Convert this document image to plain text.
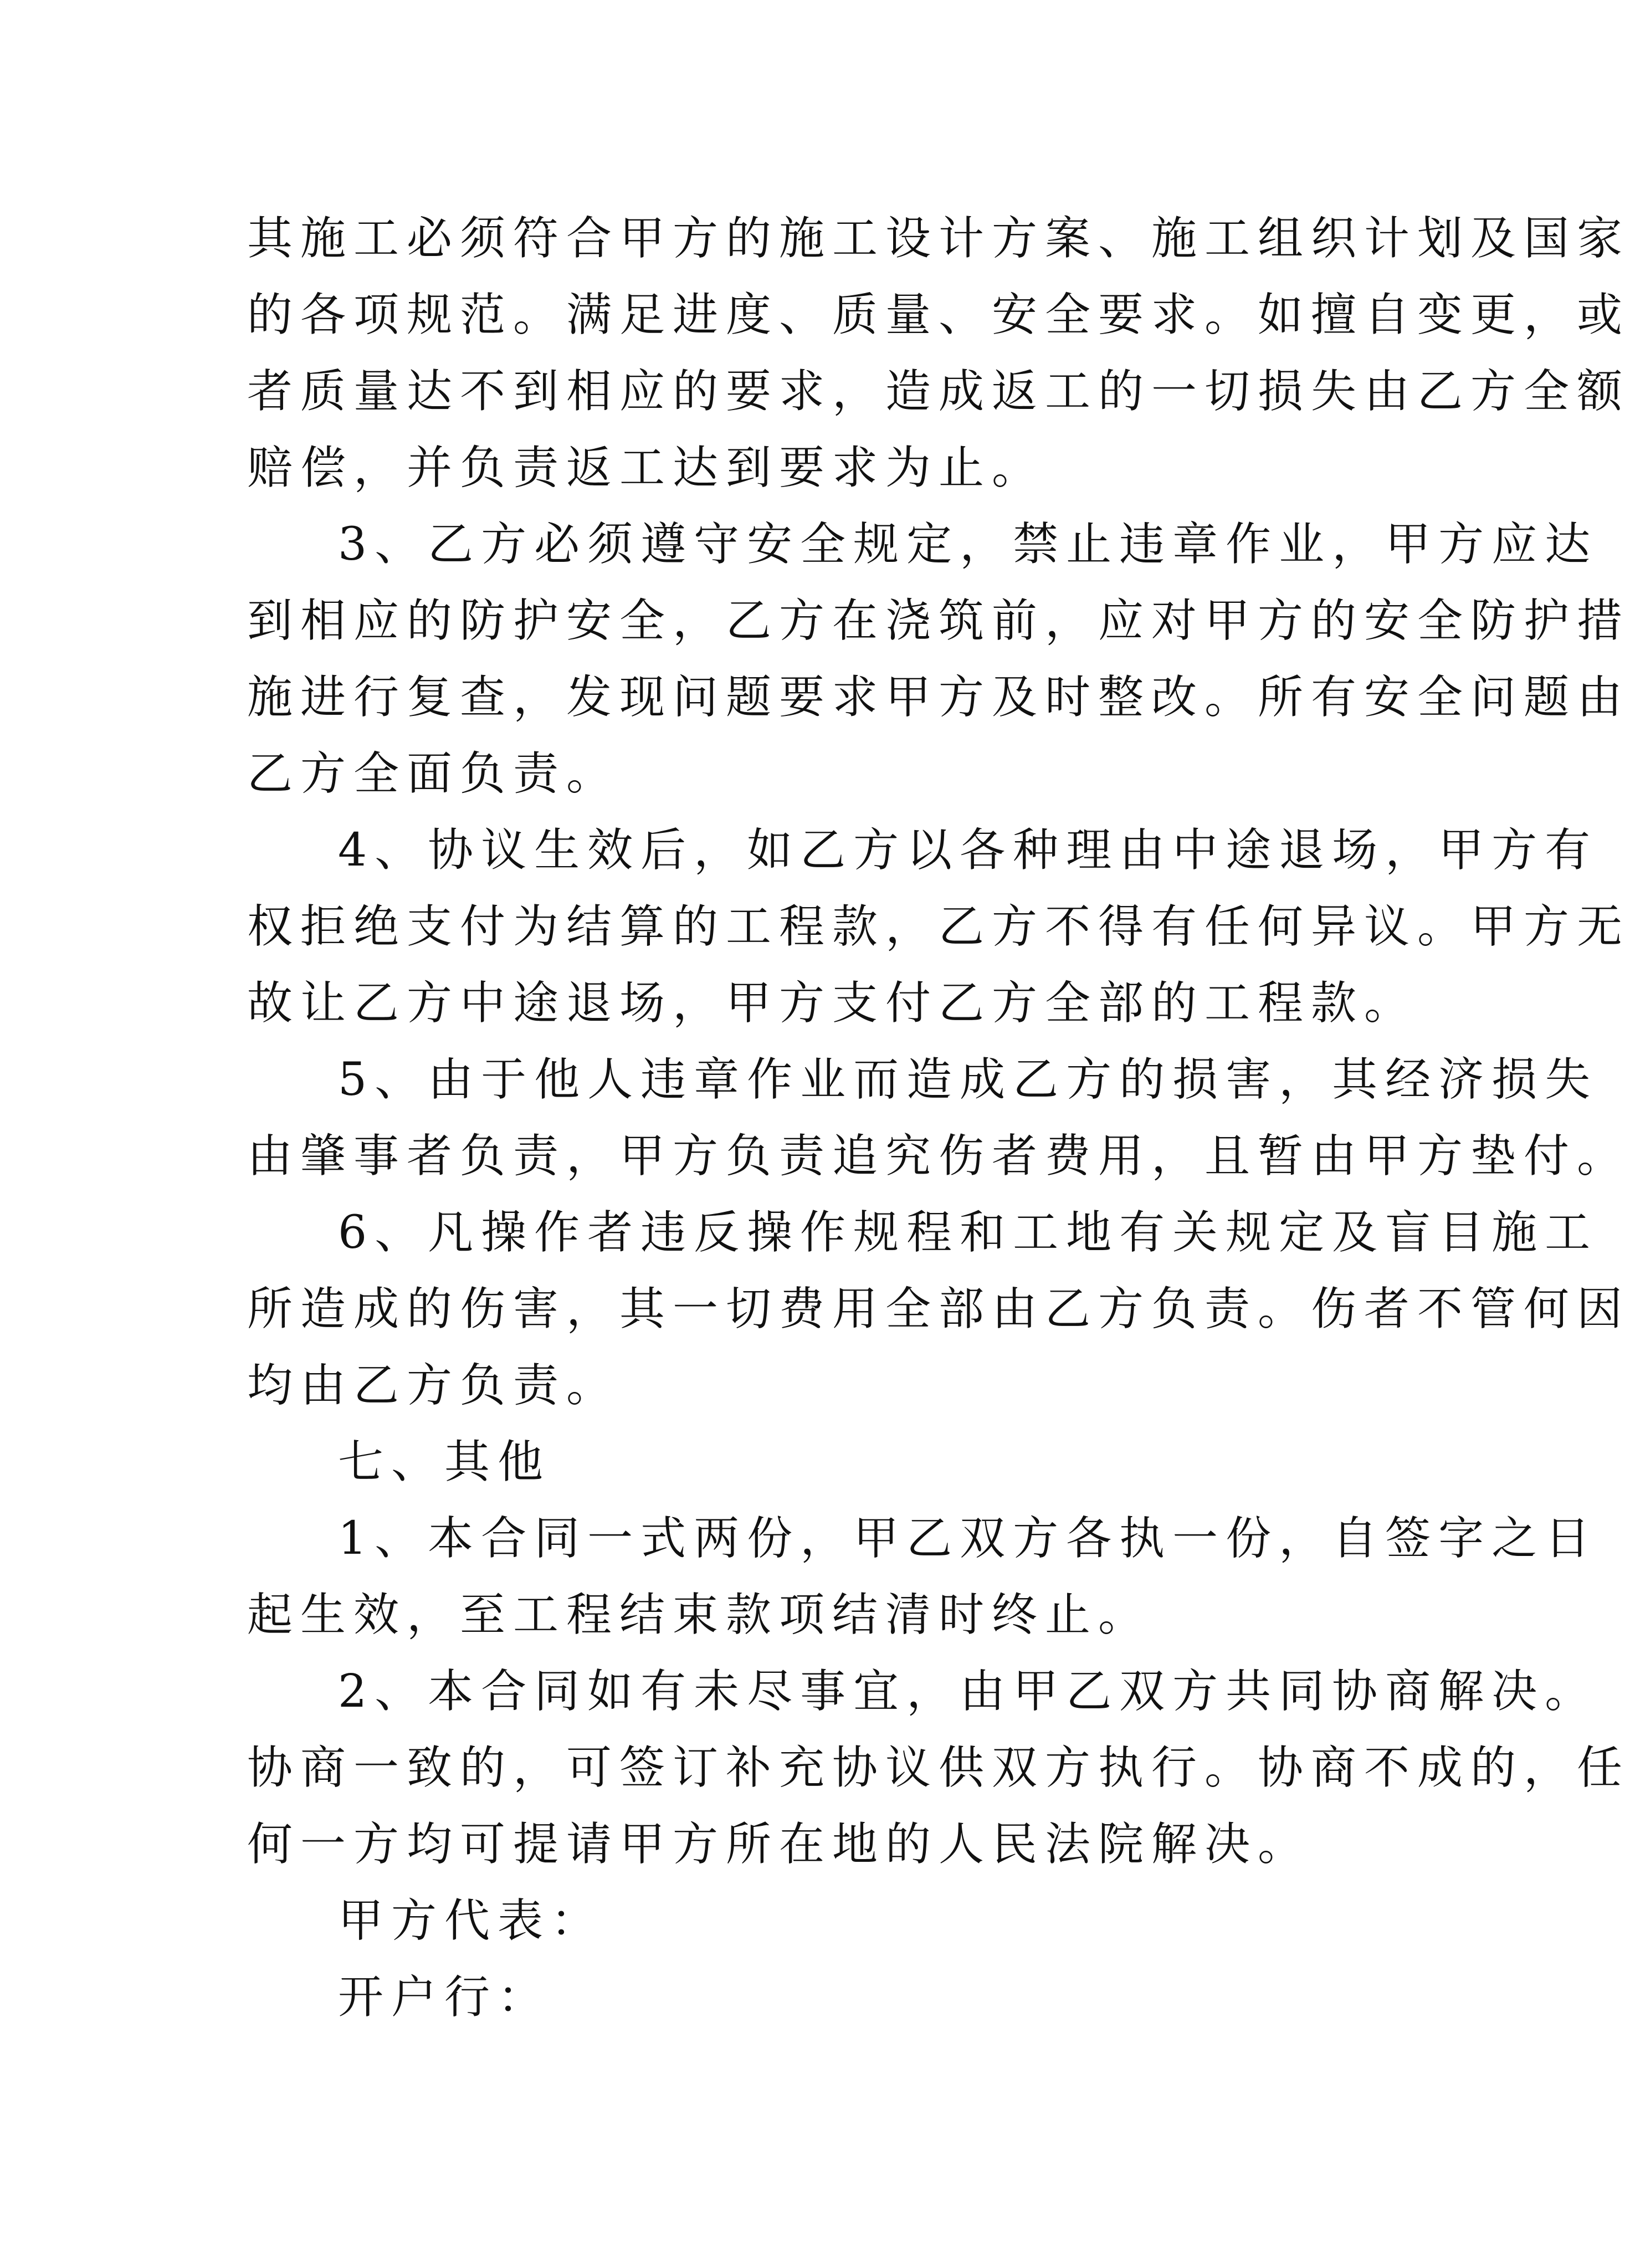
其施工必须符合甲方的施工设计方案、施工组织计划及国家
的各项规范。满足进度、质量、安全要求。如擅自变更，或
者质量达不到相应的要求，造成返工的一切损失由乙方全额
赔偿，并负责返工达到要求为止。
3、乙方必须遵守安全规定，禁止违章作业，甲方应达
到相应的防护安全，乙方在浇筑前，应对甲方的安全防护措
施进行复查，发现问题要求甲方及时整改。所有安全问题由
乙方全面负责。
4、协议生效后，如乙方以各种理由中途退场，甲方有
权拒绝支付为结算的工程款，乙方不得有任何异议。甲方无
故让乙方中途退场，甲方支付乙方全部的工程款。
5、由于他人违章作业而造成乙方的损害，其经济损失
由肇事者负责，甲方负责追究伤者费用，且暂由甲方垫付。
6、凡操作者违反操作规程和工地有关规定及盲目施工
所造成的伤害，其一切费用全部由乙方负责。伤者不管何因
均由乙方负责。
七、其他
1、本合同一式两份，甲乙双方各执一份，自签字之日
起生效，至工程结束款项结清时终止。
2、本合同如有未尽事宜，由甲乙双方共同协商解决。
协商一致的，可签订补充协议供双方执行。协商不成的，任
何一方均可提请甲方所在地的人民法院解决。
甲方代表：
开户行：
